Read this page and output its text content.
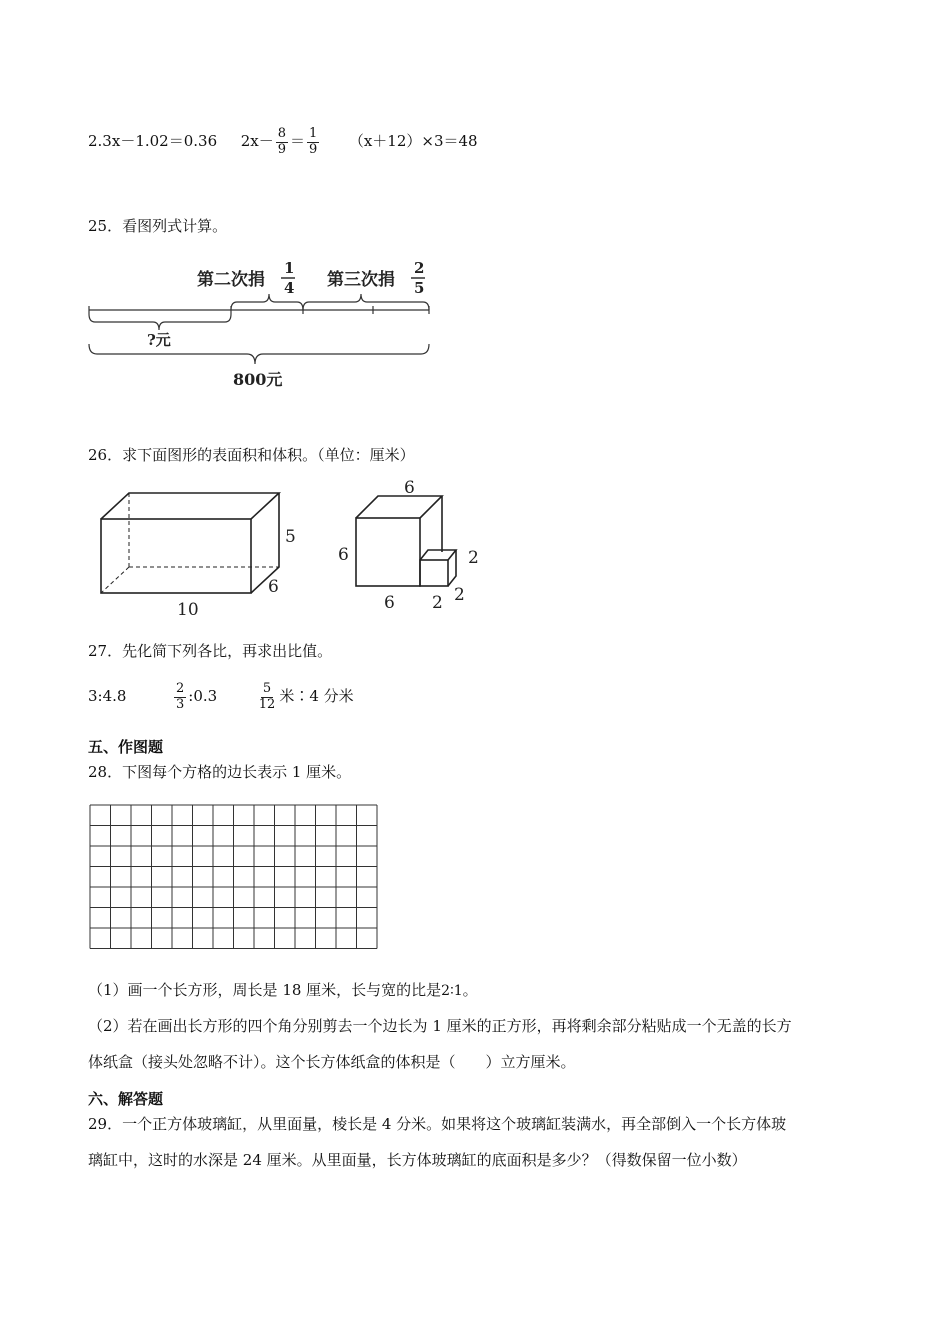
2.3x－1.02＝0.36 $2x- \frac{8}{9} = \frac{1}{9} (x+12)\times 3=48$
25．看图列式计算。
第二次捐
1
4 第三次捐
2
5
?元
800元
26．求下面图形的表面积和体积。（单位：厘米）
5
6
10
6
6
6
2
2 2
27．先化简下列各比，再求出比值。
3:4.8	$\frac{2}{3}$ :0.3	$\frac{5}{12}$ 米∶4 分米
五、作图题
28．下图每个方格的边长表示 1 厘米。
（1）画一个长方形，周长是 18 厘米，长与宽的比是2∶1。
（2）若在画出长方形的四个角分别剪去一个边长为 1 厘米的正方形，再将剩余部分粘贴成一个无盖的长方
体纸盒（接头处忽略不计）。这个长方体纸盒的体积是（　　）立方厘米。
六、解答题
29．一个正方体玻璃缸，从里面量，棱长是 4 分米。如果将这个玻璃缸装满水，再全部倒入一个长方体玻
璃缸中，这时的水深是 24 厘米。从里面量，长方体玻璃缸的底面积是多少？（得数保留一位小数）
